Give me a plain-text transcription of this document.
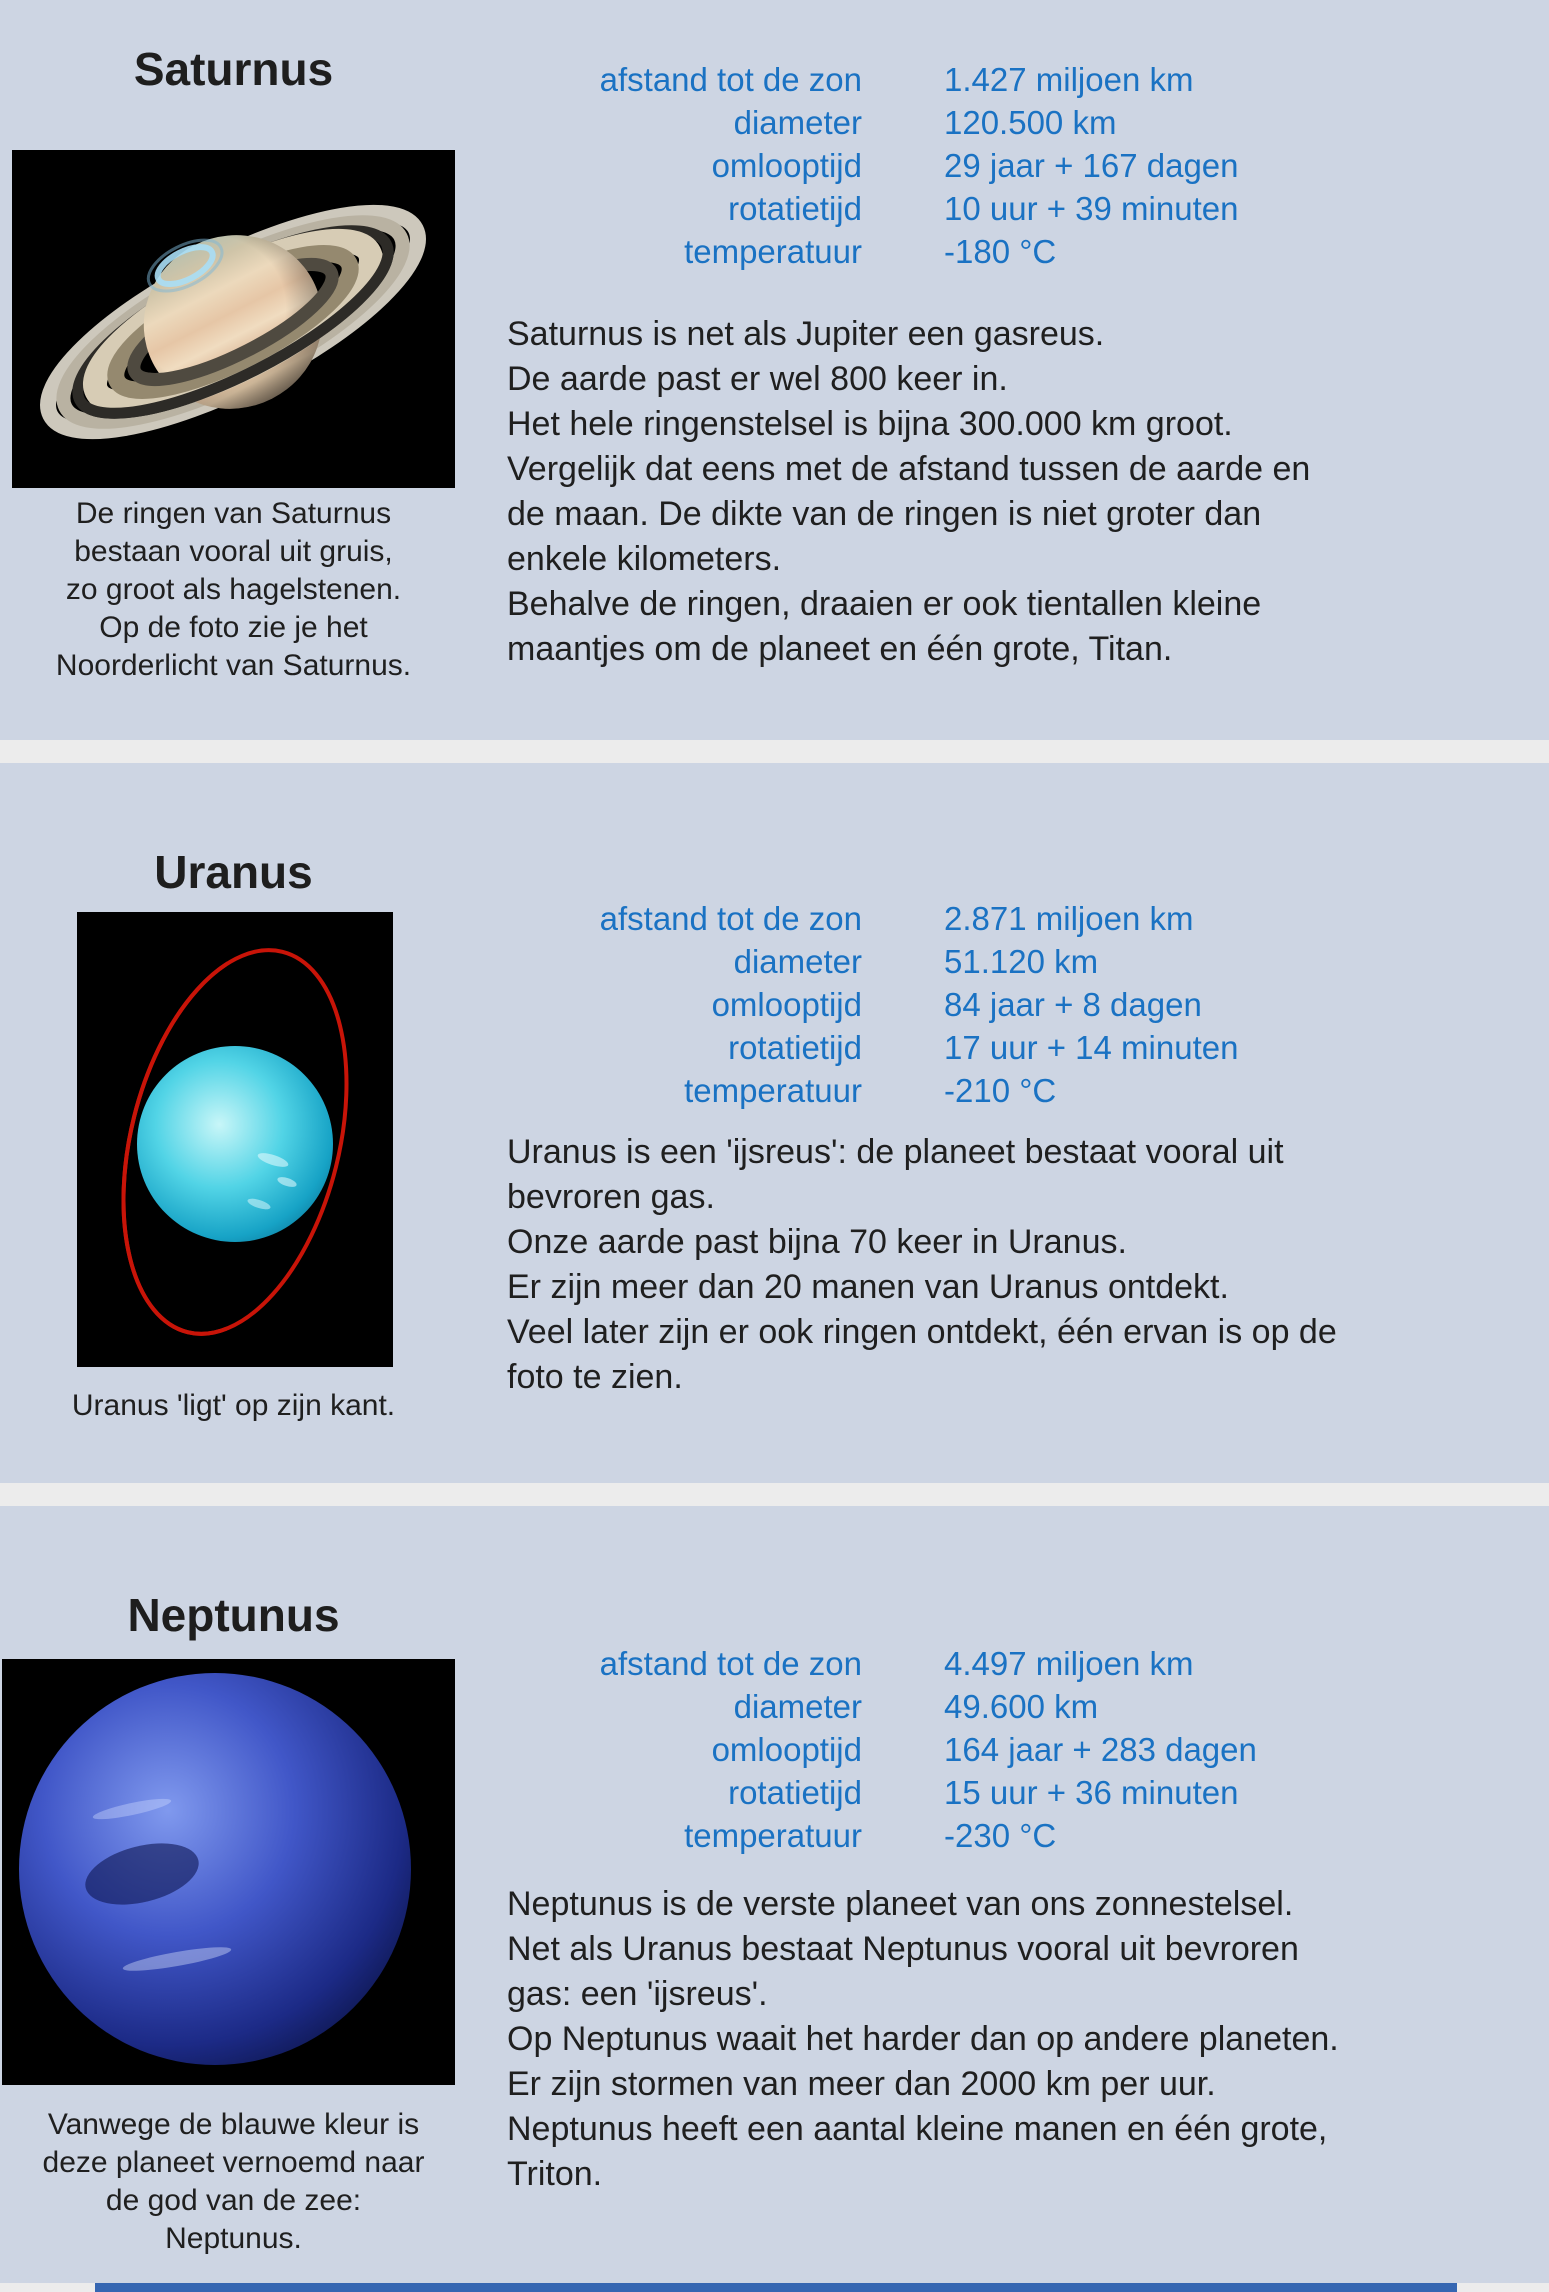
Saturnus
De ringen van Saturnus
bestaan vooral uit gruis,
zo groot als hagelstenen.
Op de foto zie je het
Noorderlicht van Saturnus.
afstand tot de zon 1.427 miljoen km
diameter 120.500 km
omlooptijd 29 jaar + 167 dagen
rotatietijd 10 uur + 39 minuten
temperatuur -180 °C
Saturnus is net als Jupiter een gasreus.
De aarde past er wel 800 keer in.
Het hele ringenstelsel is bijna 300.000 km groot.
Vergelijk dat eens met de afstand tussen de aarde en
de maan. De dikte van de ringen is niet groter dan
enkele kilometers.
Behalve de ringen, draaien er ook tientallen kleine
maantjes om de planeet en één grote, Titan.
Uranus
Uranus 'ligt' op zijn kant.
afstand tot de zon 2.871 miljoen km
diameter 51.120 km
omlooptijd 84 jaar + 8 dagen
rotatietijd 17 uur + 14 minuten
temperatuur -210 °C
Uranus is een 'ijsreus': de planeet bestaat vooral uit
bevroren gas.
Onze aarde past bijna 70 keer in Uranus.
Er zijn meer dan 20 manen van Uranus ontdekt.
Veel later zijn er ook ringen ontdekt, één ervan is op de
foto te zien.
Neptunus
Vanwege de blauwe kleur is
deze planeet vernoemd naar
de god van de zee:
Neptunus.
afstand tot de zon 4.497 miljoen km
diameter 49.600 km
omlooptijd 164 jaar + 283 dagen
rotatietijd 15 uur + 36 minuten
temperatuur -230 °C
Neptunus is de verste planeet van ons zonnestelsel.
Net als Uranus bestaat Neptunus vooral uit bevroren
gas: een 'ijsreus'.
Op Neptunus waait het harder dan op andere planeten.
Er zijn stormen van meer dan 2000 km per uur.
Neptunus heeft een aantal kleine manen en één grote,
Triton.
